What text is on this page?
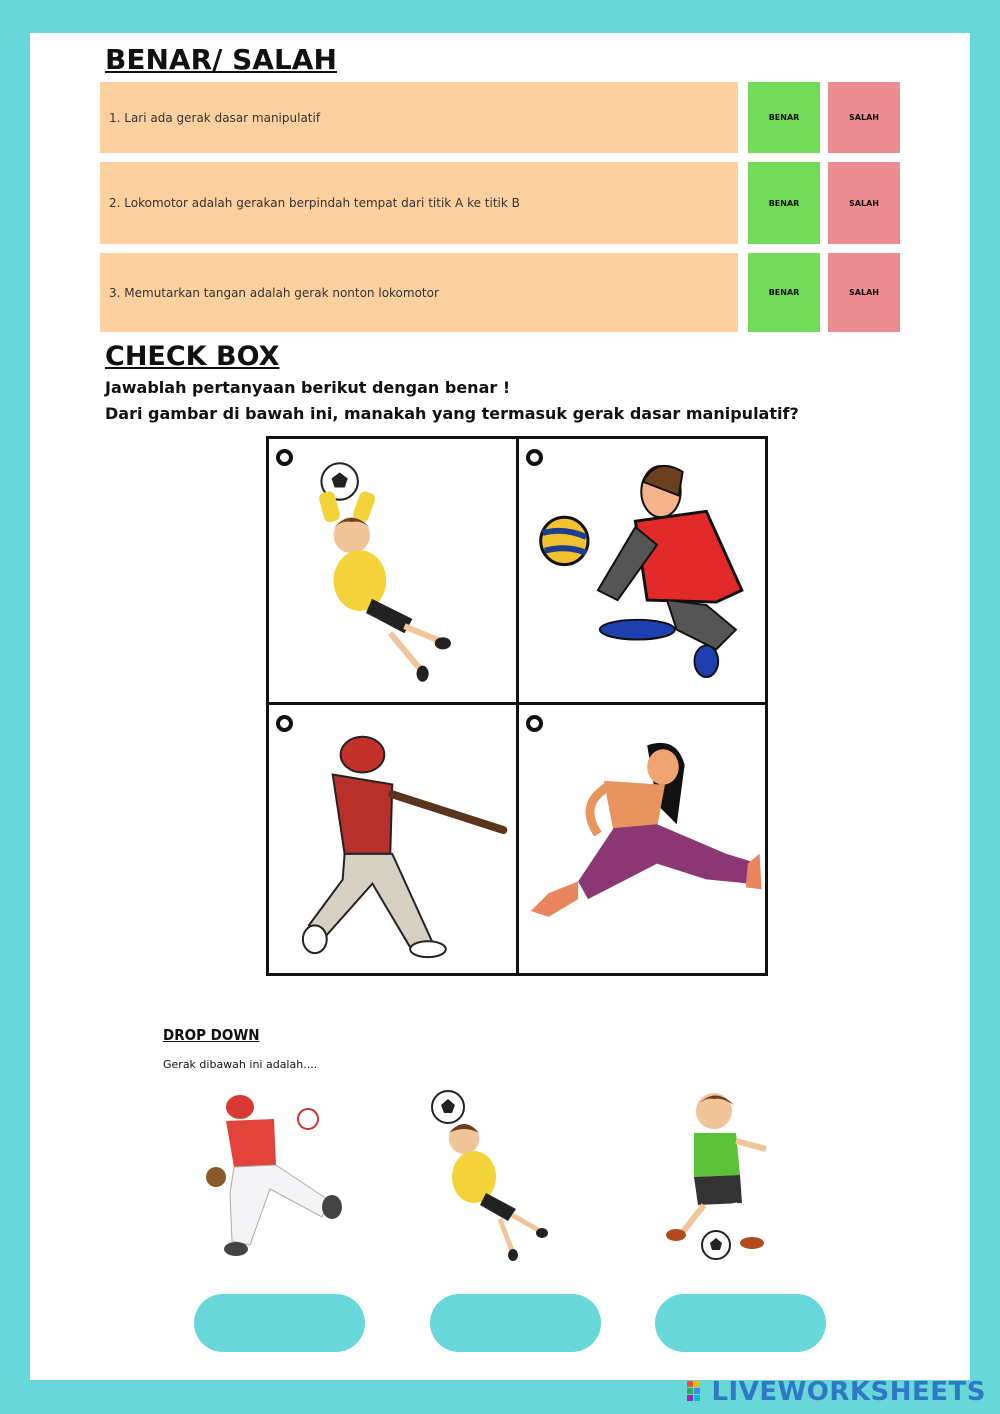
BENAR/ SALAH
1. Lari ada gerak dasar manipulatif	BENAR	SALAH
2. Lokomotor adalah gerakan berpindah tempat dari titik A ke titik B	BENAR	SALAH
3. Memutarkan tangan adalah gerak nonton lokomotor	BENAR	SALAH
CHECK BOX
Jawablah pertanyaan berikut dengan benar !
Dari gambar di bawah ini, manakah yang termasuk gerak dasar manipulatif?
DROP DOWN
Gerak dibawah ini adalah....
LIVEWORKSHEETS
